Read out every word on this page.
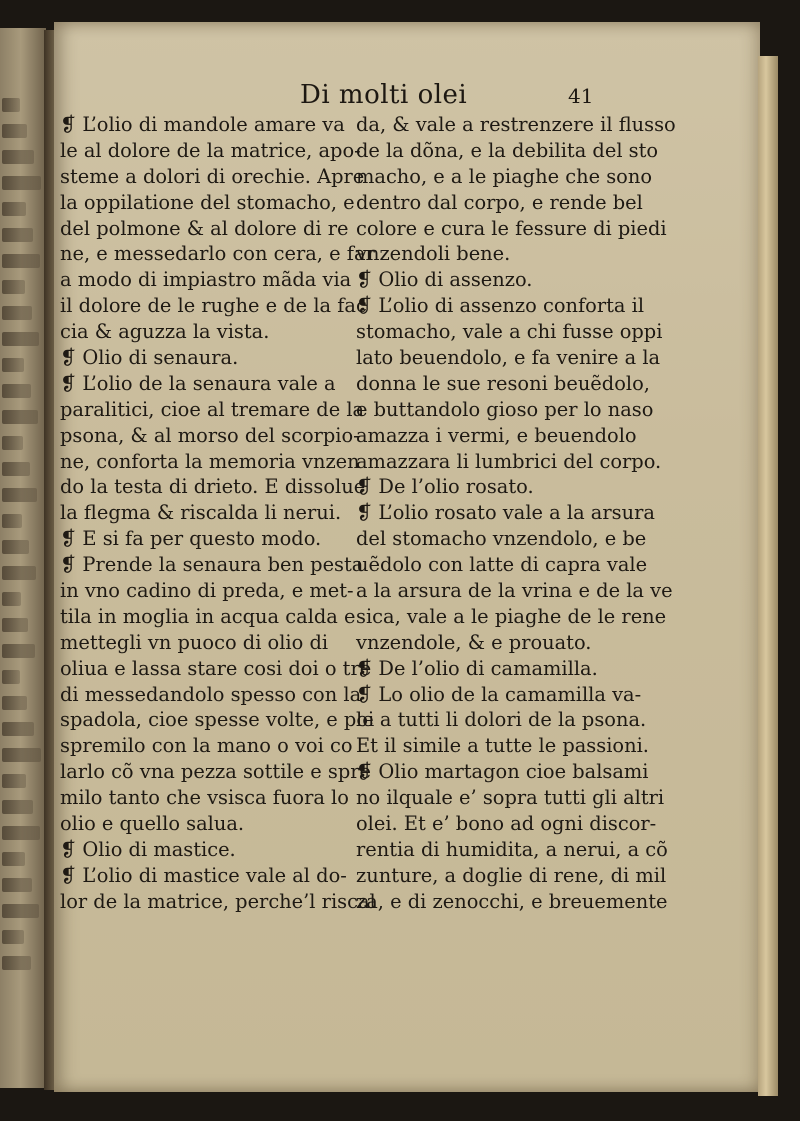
Di molti olei	41
❡ L’olio di mandole amare va
le al dolore de la matrice, apo-
steme a dolori di orechie. Apre
la oppilatione del stomacho, e
del polmone & al dolore di re
ne, e messedarlo con cera, e far
a modo di impiastro mãda via
il dolore de le rughe e de la fac
cia & aguzza la vista.
❡ Olio di senaura.
❡ L’olio de la senaura vale a
paralitici, cioe al tremare de la
psona, & al morso del scorpio-
ne, conforta la memoria vnzen
do la testa di drieto. E dissolue
la flegma & riscalda li nerui.
❡ E si fa per questo modo.
❡ Prende la senaura ben pesta
in vno cadino di preda, e met-
tila in moglia in acqua calda e
mettegli vn puoco di olio di
oliua e lassa stare cosi doi o tre
di messedandolo spesso con la
spadola, cioe spesse volte, e poi
spremilo con la mano o voi co
larlo cõ vna pezza sottile e spre
milo tanto che vsisca fuora lo
olio e quello salua.
❡ Olio di mastice.
❡ L’olio di mastice vale al do-
lor de la matrice, perche’l riscal
da, & vale a restrenzere il flusso
de la dõna, e la debilita del sto
macho, e a le piaghe che sono
dentro dal corpo, e rende bel
colore e cura le fessure di piedi
vnzendoli bene.
❡ Olio di assenzo.
❡ L’olio di assenzo conforta il
stomacho, vale a chi fusse oppi
lato beuendolo, e fa venire a la
donna le sue resoni beuẽdolo,
e buttandolo gioso per lo naso
amazza i vermi, e beuendolo
amazzara li lumbrici del corpo.
❡ De l’olio rosato.
❡ L’olio rosato vale a la arsura
del stomacho vnzendolo, e be
uẽdolo con latte di capra vale
a la arsura de la vrina e de la ve
sica, vale a le piaghe de le rene
vnzendole, & e prouato.
❡ De l’olio di camamilla.
❡ Lo olio de la camamilla va-
le a tutti li dolori de la psona.
Et il simile a tutte le passioni.
❡ Olio martagon cioe balsami
no ilquale e’ sopra tutti gli altri
olei. Et e’ bono ad ogni discor-
rentia di humidita, a nerui, a cõ
zunture, a doglie di rene, di mil
za, e di zenocchi, e breuemente
